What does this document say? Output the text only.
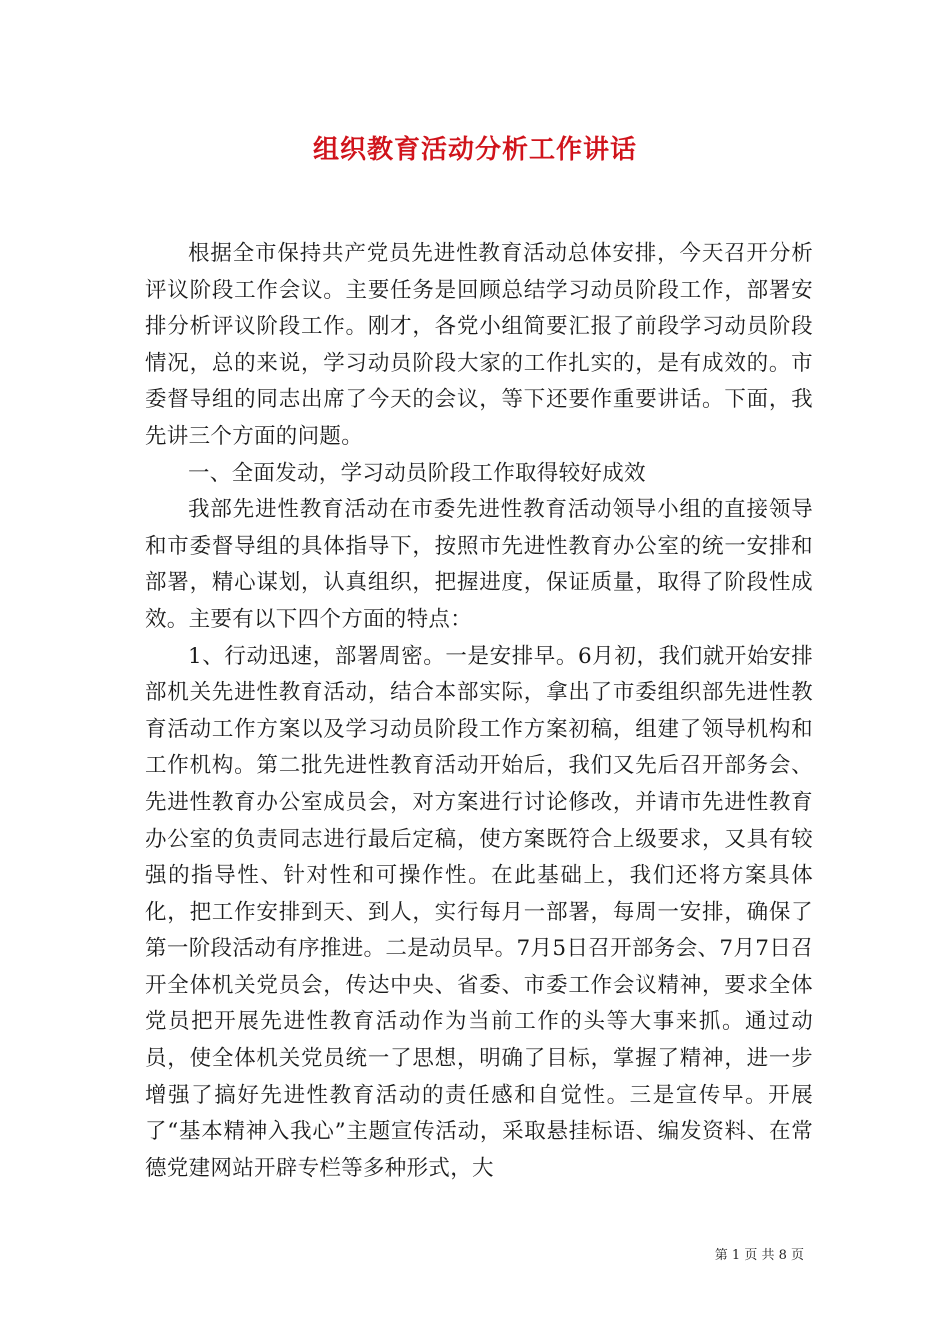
组织教育活动分析工作讲话

根据全市保持共产党员先进性教育活动总体安排，今天召开分析评议阶段工作会议。主要任务是回顾总结学习动员阶段工作，部署安排分析评议阶段工作。刚才，各党小组简要汇报了前段学习动员阶段情况，总的来说，学习动员阶段大家的工作扎实的，是有成效的。市委督导组的同志出席了今天的会议，等下还要作重要讲话。下面，我先讲三个方面的问题。

一、全面发动，学习动员阶段工作取得较好成效

我部先进性教育活动在市委先进性教育活动领导小组的直接领导和市委督导组的具体指导下，按照市先进性教育办公室的统一安排和部署，精心谋划，认真组织，把握进度，保证质量，取得了阶段性成效。主要有以下四个方面的特点：

1、行动迅速，部署周密。一是安排早。6月初，我们就开始安排部机关先进性教育活动，结合本部实际，拿出了市委组织部先进性教育活动工作方案以及学习动员阶段工作方案初稿，组建了领导机构和工作机构。第二批先进性教育活动开始后，我们又先后召开部务会、先进性教育办公室成员会，对方案进行讨论修改，并请市先进性教育办公室的负责同志进行最后定稿，使方案既符合上级要求，又具有较强的指导性、针对性和可操作性。在此基础上，我们还将方案具体化，把工作安排到天、到人，实行每月一部署，每周一安排，确保了第一阶段活动有序推进。二是动员早。7月5日召开部务会、7月7日召开全体机关党员会，传达中央、省委、市委工作会议精神，要求全体党员把开展先进性教育活动作为当前工作的头等大事来抓。通过动员，使全体机关党员统一了思想，明确了目标，掌握了精神，进一步增强了搞好先进性教育活动的责任感和自觉性。三是宣传早。开展了“基本精神入我心”主题宣传活动，采取悬挂标语、编发资料、在常德党建网站开辟专栏等多种形式，大

第 1 页 共 8 页
